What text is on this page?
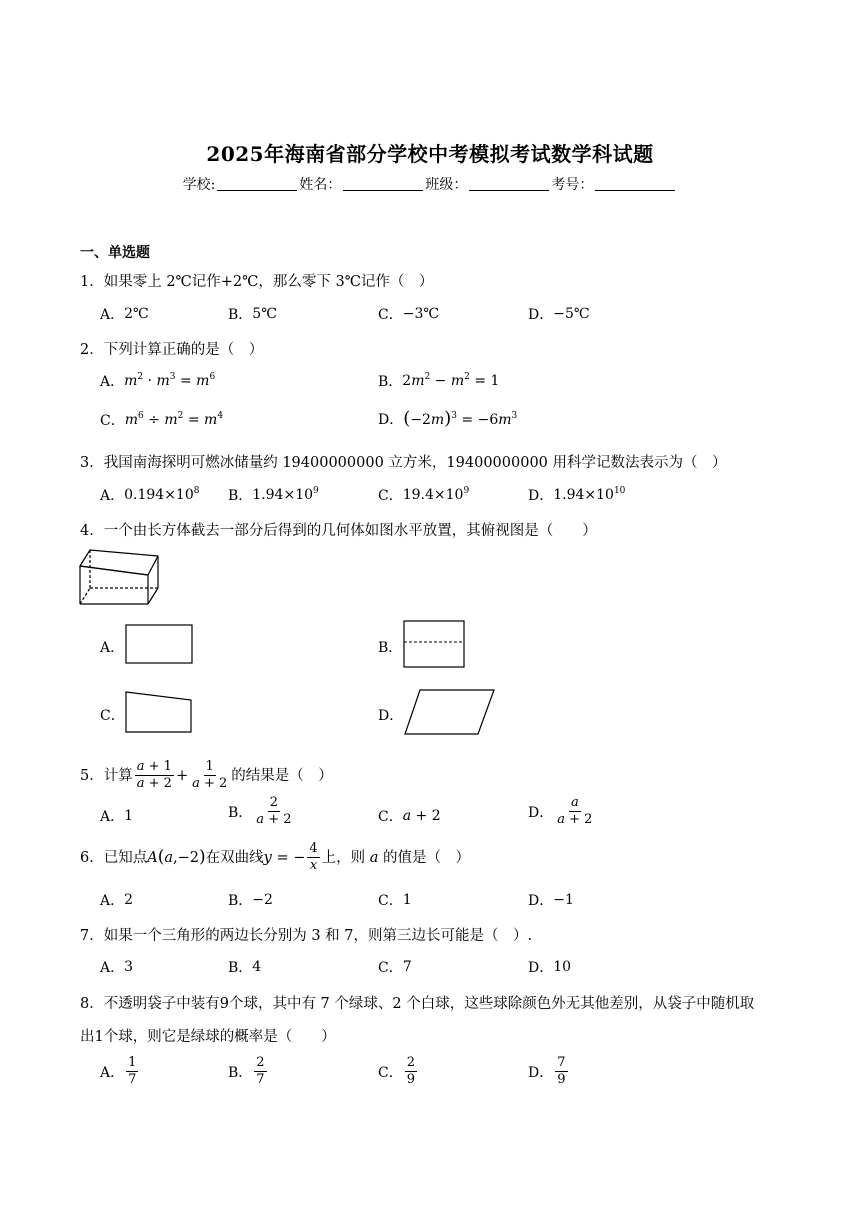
2025年海南省部分学校中考模拟考试数学科试题
学校:	姓名：	班级：	考号：
一、单选题
1．如果零上 2℃记作+2℃，那么零下 3℃记作（　）
A．2℃	B．5℃	C．−3℃	D．−5℃
2．下列计算正确的是（　）
A．$m^2 \cdot m^3 = m^6$	B．$2m^2 - m^2 = 1$
C．$m^6 \div m^2 = m^4$	D．$(-2m)^3 = -6m^3$
3．我国南海探明可燃冰储量约 19400000000 立方米，19400000000 用科学记数法表示为（　）
A．$0.194\times 10^8$ B．$1.94\times 10^9$	C．$19.4\times 10^9$	D．$1.94\times 10^{10}$
4．一个由长方体截去一部分后得到的几何体如图水平放置，其俯视图是（　　）
A．	B．
C．	D．
5．计算 $\frac{a + 1}{a + 2} + \frac{1}{a + 2}$ 的结果是（　）
A．1	B． $\frac{2}{a + 2}$	C．a + 2	D． $\frac{a}{a + 2}$
6．已知点A(a,−2)在双曲线y = − $\frac{4}{x}$ 上，则 a 的值是（　）
A．2	B．−2	C．1	D．−1
7．如果一个三角形的两边长分别为 3 和 7，则第三边长可能是（　）.
A．3	B．4	C．7	D．10
8．不透明袋子中装有9个球，其中有 7 个绿球、2 个白球，这些球除颜色外无其他差别，从袋子中随机取
出1个球，则它是绿球的概率是（　　）
A． $\frac{1}{7}$	B． $\frac{2}{7}$	C． $\frac{2}{9}$	D． $\frac{7}{9}$
